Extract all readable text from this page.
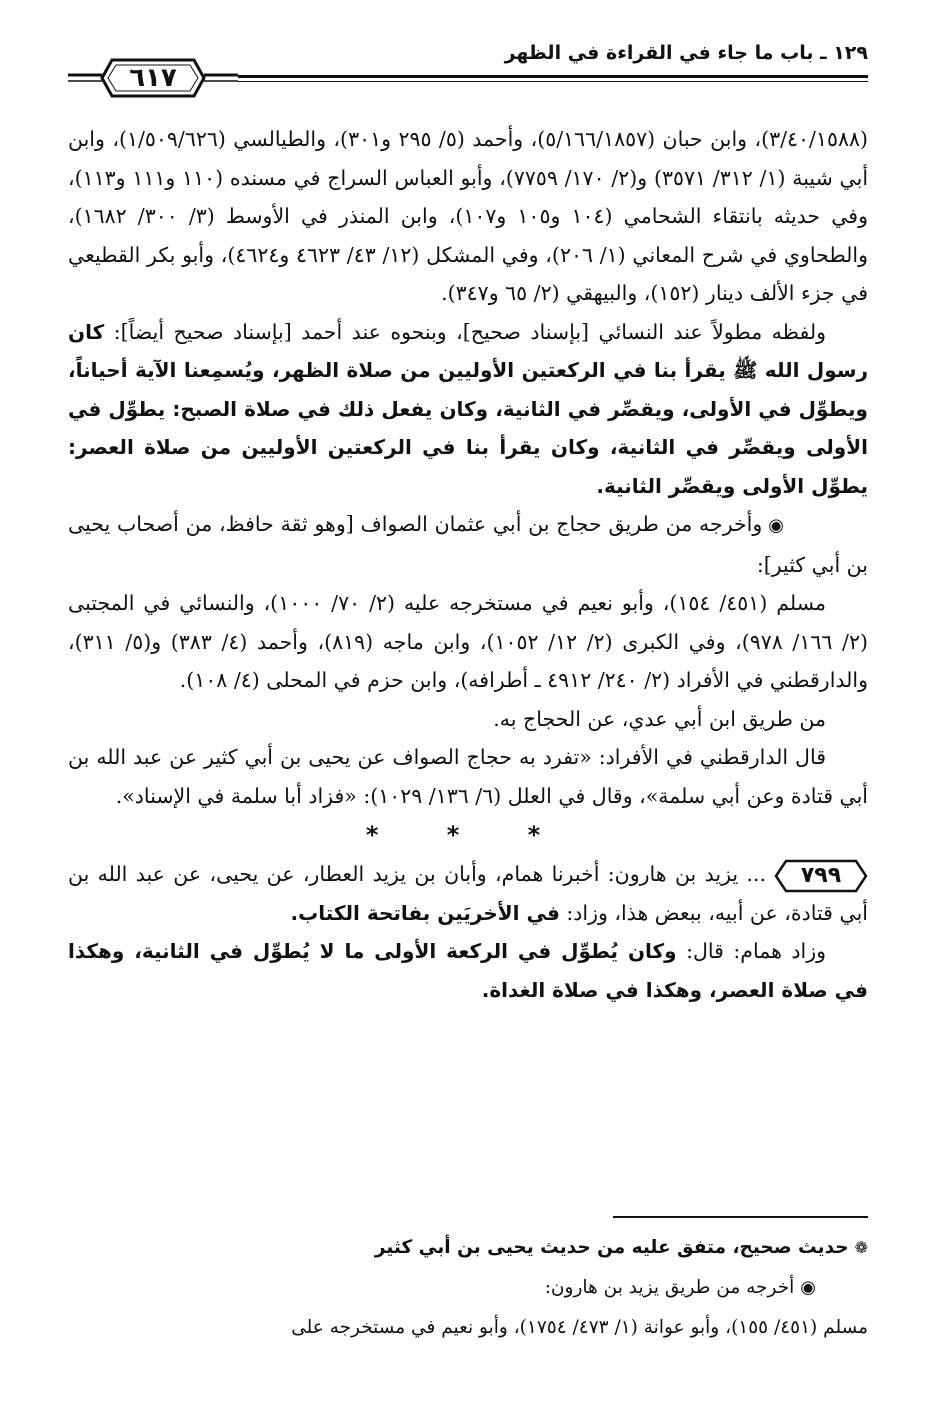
١٢٩ ـ باب ما جاء في القراءة في الظهر
٦١٧

(٣/٤٠/١٥٨٨)، وابن حبان (٥/١٦٦/١٨٥٧)، وأحمد (٥/ ٢٩٥ و٣٠١)، والطيالسي (١/٥٠٩/٦٢٦)، وابن أبي شيبة (١/ ٣١٢/ ٣٥٧١) و(٢/ ١٧٠/ ٧٧٥٩)، وأبو العباس السراج في مسنده (١١٠ و١١١ و١١٣)، وفي حديثه بانتقاء الشحامي (١٠٤ و١٠٥ و١٠٧)، وابن المنذر في الأوسط (٣/ ٣٠٠/ ١٦٨٢)، والطحاوي في شرح المعاني (١/ ٢٠٦)، وفي المشكل (١٢/ ٤٣/ ٤٦٢٣ و٤٦٢٤)، وأبو بكر القطيعي في جزء الألف دينار (١٥٢)، والبيهقي (٢/ ٦٥ و٣٤٧).

ولفظه مطولاً عند النسائي [بإسناد صحيح]، وبنحوه عند أحمد [بإسناد صحيح أيضاً]: كان رسول الله ﷺ يقرأ بنا في الركعتين الأوليين من صلاة الظهر، ويُسمِعنا الآية أحياناً، ويطوِّل في الأولى، ويقصِّر في الثانية، وكان يفعل ذلك في صلاة الصبح: يطوِّل في الأولى ويقصِّر في الثانية، وكان يقرأ بنا في الركعتين الأوليين من صلاة العصر: يطوِّل الأولى ويقصِّر الثانية.

◉وأخرجه من طريق حجاج بن أبي عثمان الصواف [وهو ثقة حافظ، من أصحاب يحيى بن أبي كثير]:

مسلم (٤٥١/ ١٥٤)، وأبو نعيم في مستخرجه عليه (٢/ ٧٠/ ١٠٠٠)، والنسائي في المجتبى (٢/ ١٦٦/ ٩٧٨)، وفي الكبرى (٢/ ١٢/ ١٠٥٢)، وابن ماجه (٨١٩)، وأحمد (٤/ ٣٨٣) و(٥/ ٣١١)، والدارقطني في الأفراد (٢/ ٢٤٠/ ٤٩١٢ ـ أطرافه)، وابن حزم في المحلى (٤/ ١٠٨).

من طريق ابن أبي عدي، عن الحجاج به.

قال الدارقطني في الأفراد: «تفرد به حجاج الصواف عن يحيى بن أبي كثير عن عبد الله بن أبي قتادة وعن أبي سلمة»، وقال في العلل (٦/ ١٣٦/ ١٠٢٩): «فزاد أبا سلمة في الإسناد».

* * *

٧٩٩
... يزيد بن هارون: أخبرنا همام، وأبان بن يزيد العطار، عن يحيى، عن عبد الله بن أبي قتادة، عن أبيه، ببعض هذا، وزاد: في الأخريَين بفاتحة الكتاب.

وزاد همام: قال: وكان يُطوِّل في الركعة الأولى ما لا يُطوِّل في الثانية، وهكذا في صلاة العصر، وهكذا في صلاة الغداة.

❁حديث صحيح، متفق عليه من حديث يحيى بن أبي كثير

◉أخرجه من طريق يزيد بن هارون:

مسلم (٤٥١/ ١٥٥)، وأبو عوانة (١/ ٤٧٣/ ١٧٥٤)، وأبو نعيم في مستخرجه على
